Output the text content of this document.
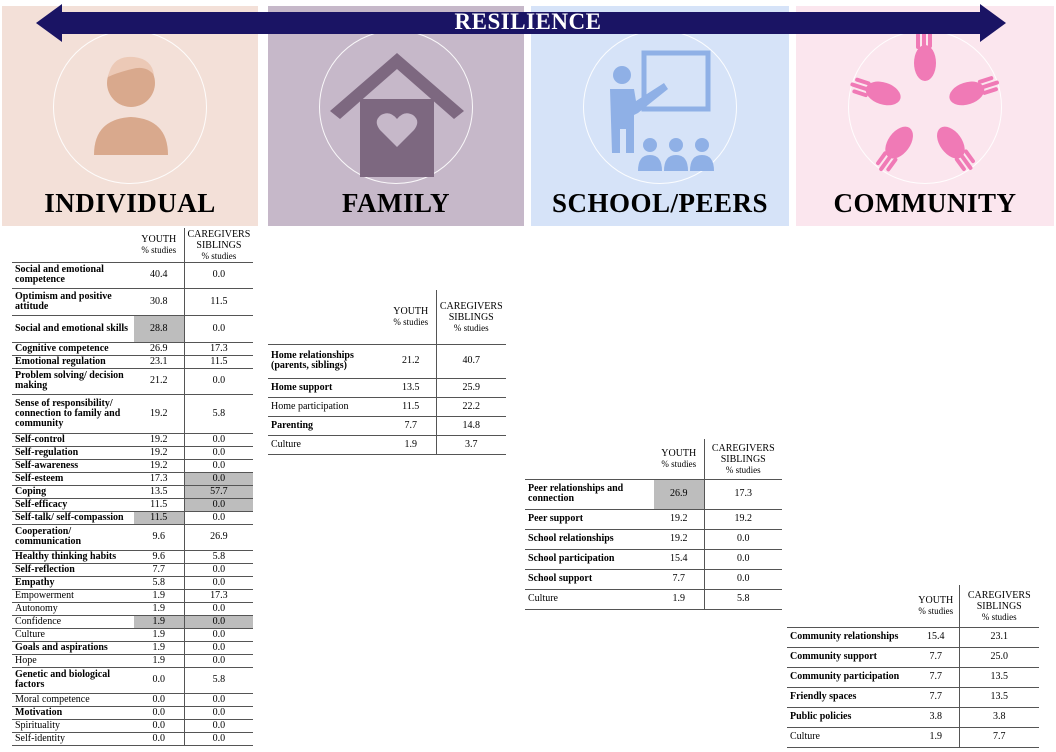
INDIVIDUAL	FAMILY	SCHOOL/PEERS	COMMUNITY
RESILIENCE

	YOUTH
% studies	CAREGIVERS
SIBLINGS
% studies

Social and emotional competence	40.4	0.0
Optimism and positive attitude	30.8	11.5
Social and emotional skills	28.8	0.0
Cognitive competence	26.9	17.3
Emotional regulation	23.1	11.5
Problem solving/ decision making	21.2	0.0
Sense of responsibility/ connection to family and community	19.2	5.8
Self-control	19.2	0.0
Self-regulation	19.2	0.0
Self-awareness	19.2	0.0
Self-esteem	17.3	0.0
Coping	13.5	57.7
Self-efficacy	11.5	0.0
Self-talk/ self-compassion	11.5	0.0
Cooperation/ communication	9.6	26.9
Healthy thinking habits	9.6	5.8
Self-reflection	7.7	0.0
Empathy	5.8	0.0
Empowerment	1.9	17.3
Autonomy	1.9	0.0
Confidence	1.9	0.0
Culture	1.9	0.0
Goals and aspirations	1.9	0.0
Hope	1.9	0.0
Genetic and biological factors	0.0	5.8
Moral competence	0.0	0.0
Motivation	0.0	0.0
Spirituality	0.0	0.0
Self-identity	0.0	0.0

	YOUTH
% studies	CAREGIVERS
SIBLINGS
% studies

Home relationships (parents, siblings)	21.2	40.7
Home support	13.5	25.9
Home participation	11.5	22.2
Parenting	7.7	14.8
Culture	1.9	3.7

	YOUTH
% studies	CAREGIVERS
SIBLINGS
% studies

Peer relationships and connection	26.9	17.3
Peer support	19.2	19.2
School relationships	19.2	0.0
School participation	15.4	0.0
School support	7.7	0.0
Culture	1.9	5.8

	YOUTH
% studies	CAREGIVERS
SIBLINGS
% studies

Community relationships	15.4	23.1
Community support	7.7	25.0
Community participation	7.7	13.5
Friendly spaces	7.7	13.5
Public policies	3.8	3.8
Culture	1.9	7.7
